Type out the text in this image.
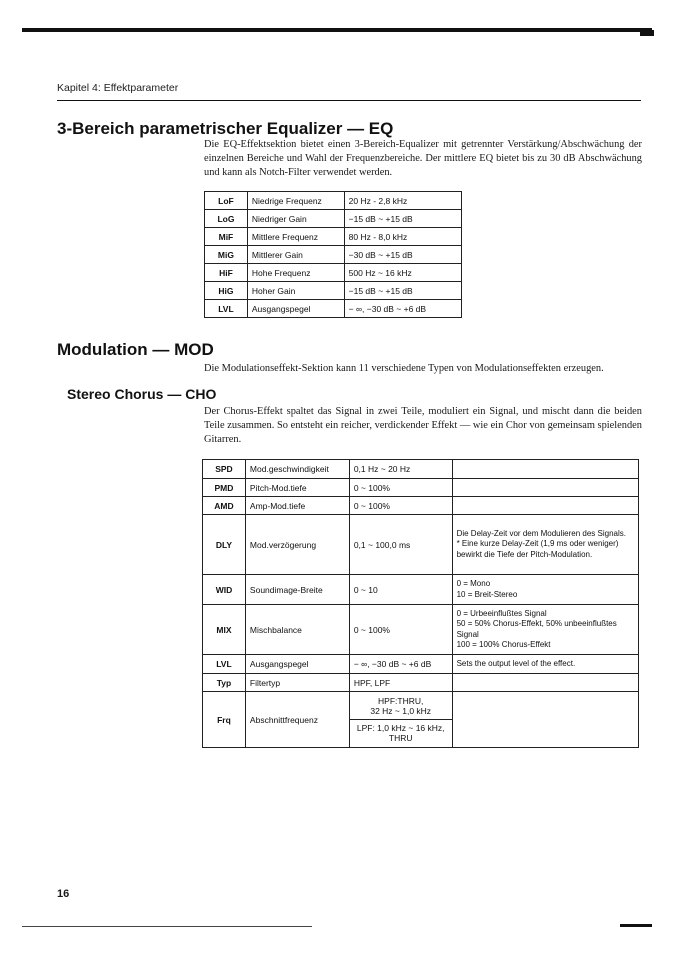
Kapitel 4: Effektparameter
3-Bereich parametrischer Equalizer — EQ
Die EQ-Effektsektion bietet einen 3-Bereich-Equalizer mit getrennter Verstärkung/Abschwächung der einzelnen Bereiche und Wahl der Frequenzbereiche. Der mittlere EQ bietet bis zu 30 dB Abschwächung und kann als Notch-Filter verwendet werden.
LoF	Niedrige Frequenz	20 Hz - 2,8 kHz
LoG	Niedriger Gain	−15 dB ~ +15 dB
MiF	Mittlere Frequenz	80 Hz - 8,0 kHz
MiG	Mittlerer Gain	−30 dB ~ +15 dB
HiF	Hohe Frequenz	500 Hz ~ 16 kHz
HiG	Hoher Gain	−15 dB ~ +15 dB
LVL	Ausgangspegel	− ∞, −30 dB ~ +6 dB
Modulation — MOD
Die Modulationseffekt-Sektion kann 11 verschiedene Typen von Modulationseffekten erzeugen.
Stereo Chorus — CHO
Der Chorus-Effekt spaltet das Signal in zwei Teile, moduliert ein Signal, und mischt dann die beiden Teile zusammen. So entsteht ein reicher, verdickender Effekt — wie ein Chor von gemeinsam spielenden Gitarren.
SPD	Mod.geschwindigkeit	0,1 Hz ~ 20 Hz	
PMD	Pitch-Mod.tiefe	0 ~ 100%	
AMD	Amp-Mod.tiefe	0 ~ 100%	
DLY	Mod.verzögerung	0,1 ~ 100,0 ms	Die Delay-Zeit vor dem Modulieren des Signals.
* Eine kurze Delay-Zeit (1,9 ms oder weniger) bewirkt die Tiefe der Pitch-Modulation.
WID	Soundimage-Breite	0 ~ 10	0 = Mono
10 = Breit-Stereo
MIX	Mischbalance	0 ~ 100%	0 = Urbeeinflußtes Signal
50 = 50% Chorus-Effekt, 50% unbeeinflußtes Signal
100 = 100% Chorus-Effekt
LVL	Ausgangspegel	− ∞, −30 dB ~ +6 dB	Sets the output level of the effect.
Typ	Filtertyp	HPF, LPF	
Frq	Abschnittfrequenz	HPF:THRU,
32 Hz ~ 1,0 kHz
LPF: 1,0 kHz ~ 16 kHz,
THRU	

16
